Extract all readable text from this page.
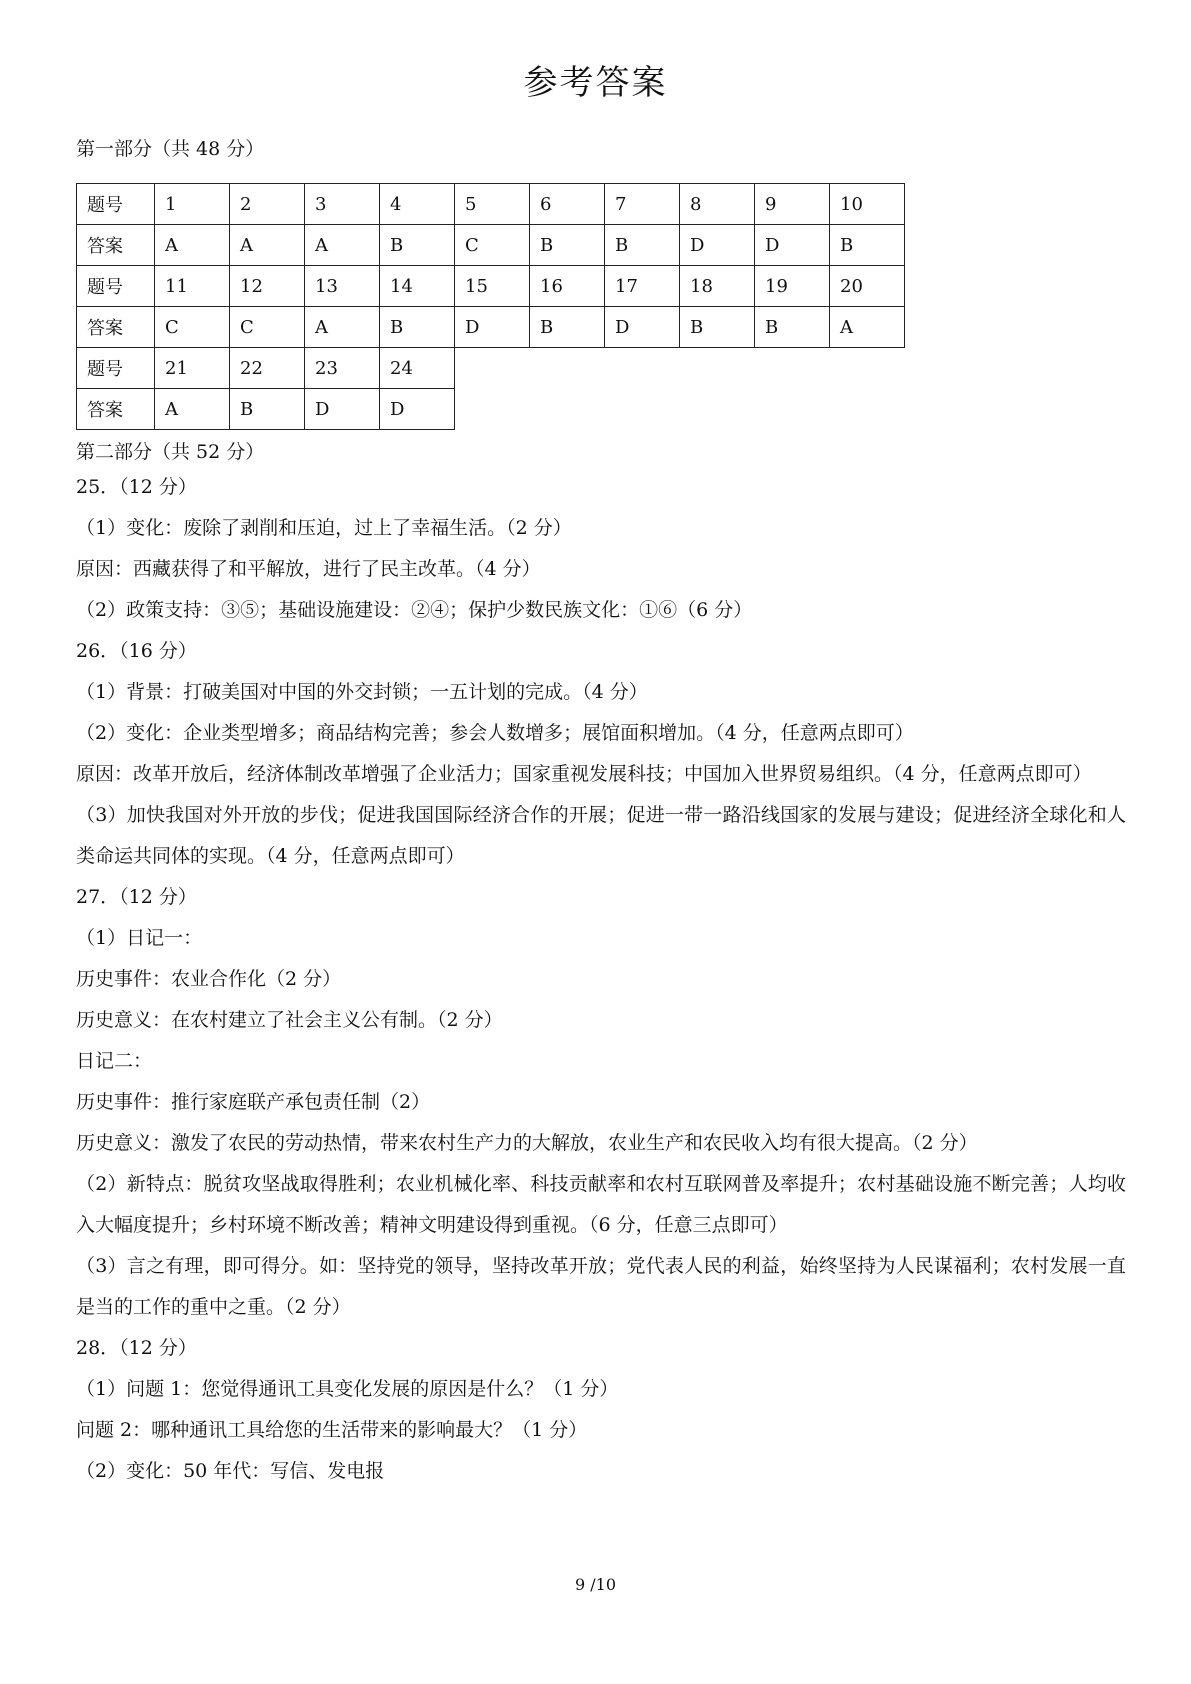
参考答案
第一部分（共 48 分）
题号	1	2	3	4	5	6	7	8	9	10
答案	A	A	A	B	C	B	B	D	D	B
题号	11	12	13	14	15	16	17	18	19	20
答案	C	C	A	B	D	B	D	B	B	A
题号	21	22	23	24						
答案	A	B	D	D						
第二部分（共 52 分）

25．（12 分）

（1）变化：废除了剥削和压迫，过上了幸福生活。（2 分）

原因：西藏获得了和平解放，进行了民主改革。（4 分）

（2）政策支持：③⑤；基础设施建设：②④；保护少数民族文化：①⑥（6 分）

26．（16 分）

（1）背景：打破美国对中国的外交封锁；一五计划的完成。（4 分）

（2）变化：企业类型增多；商品结构完善；参会人数增多；展馆面积增加。（4 分，任意两点即可）

原因：改革开放后，经济体制改革增强了企业活力；国家重视发展科技；中国加入世界贸易组织。（4 分，任意两点即可）

（3）加快我国对外开放的步伐；促进我国国际经济合作的开展；促进一带一路沿线国家的发展与建设；促进经济全球化和人类命运共同体的实现。（4 分，任意两点即可）

27．（12 分）

（1）日记一：

历史事件：农业合作化（2 分）

历史意义：在农村建立了社会主义公有制。（2 分）

日记二：

历史事件：推行家庭联产承包责任制（2）

历史意义：激发了农民的劳动热情，带来农村生产力的大解放，农业生产和农民收入均有很大提高。（2 分）

（2）新特点：脱贫攻坚战取得胜利；农业机械化率、科技贡献率和农村互联网普及率提升；农村基础设施不断完善；人均收入大幅度提升；乡村环境不断改善；精神文明建设得到重视。（6 分，任意三点即可）

（3）言之有理，即可得分。如：坚持党的领导，坚持改革开放；党代表人民的利益，始终坚持为人民谋福利；农村发展一直是当的工作的重中之重。（2 分）

28．（12 分）

（1）问题 1：您觉得通讯工具变化发展的原因是什么？（1 分）

问题 2：哪种通讯工具给您的生活带来的影响最大？（1 分）

（2）变化：50 年代：写信、发电报

9 /10
